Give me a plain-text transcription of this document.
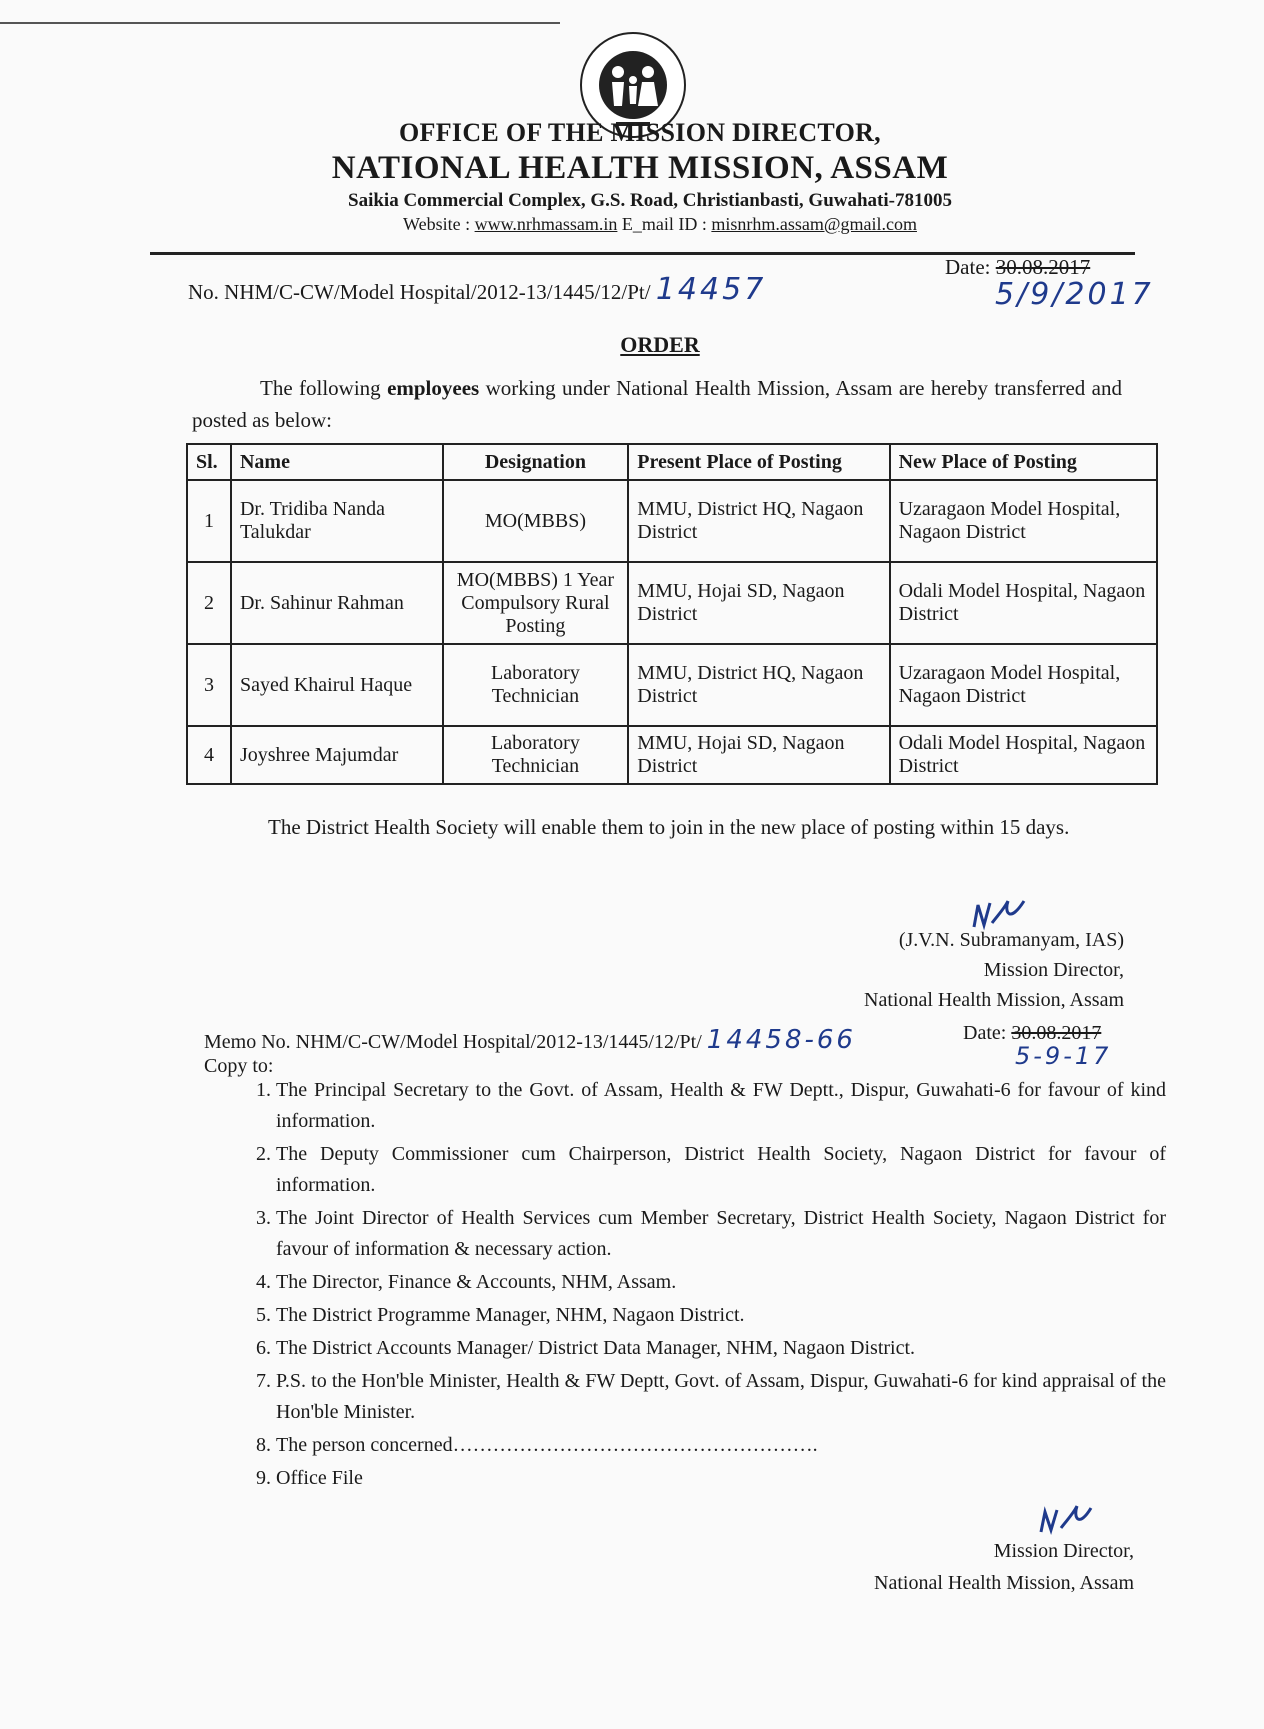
OFFICE OF THE MISSION DIRECTOR,
NATIONAL HEALTH MISSION, ASSAM
Saikia Commercial Complex, G.S. Road, Christianbasti, Guwahati-781005
Website : www.nrhmassam.in E_mail ID : misnrhm.assam@gmail.com
No. NHM/C-CW/Model Hospital/2012-13/1445/12/Pt/ 14457
Date: 30.08.2017
5/9/2017
ORDER
The following employees working under National Health Mission, Assam are hereby transferred and posted as below:
Sl.	Name	Designation	Present Place of Posting	New Place of Posting
1	Dr. Tridiba Nanda Talukdar	MO(MBBS)	MMU, District HQ, Nagaon District	Uzaragaon Model Hospital, Nagaon District
2	Dr. Sahinur Rahman	MO(MBBS) 1 Year Compulsory Rural Posting	MMU, Hojai SD, Nagaon District	Odali Model Hospital, Nagaon District
3	Sayed Khairul Haque	Laboratory Technician	MMU, District HQ, Nagaon District	Uzaragaon Model Hospital, Nagaon District
4	Joyshree Majumdar	Laboratory Technician	MMU, Hojai SD, Nagaon District	Odali Model Hospital, Nagaon District
The District Health Society will enable them to join in the new place of posting within 15 days.
(J.V.N. Subramanyam, IAS)
Mission Director,
National Health Mission, Assam
Memo No. NHM/C-CW/Model Hospital/2012-13/1445/12/Pt/ 14458-66	Date: 30.08.2017
5-9-17
Copy to:
1. The Principal Secretary to the Govt. of Assam, Health & FW Deptt., Dispur, Guwahati-6 for favour of kind information.
2. The Deputy Commissioner cum Chairperson, District Health Society, Nagaon District for favour of information.
3. The Joint Director of Health Services cum Member Secretary, District Health Society, Nagaon District for favour of information & necessary action.
4. The Director, Finance & Accounts, NHM, Assam.
5. The District Programme Manager, NHM, Nagaon District.
6. The District Accounts Manager/ District Data Manager, NHM, Nagaon District.
7. P.S. to the Hon'ble Minister, Health & FW Deptt, Govt. of Assam, Dispur, Guwahati-6 for kind appraisal of the Hon'ble Minister.
8. The person concerned……………………………………………….
9. Office File
Mission Director,
National Health Mission, Assam
